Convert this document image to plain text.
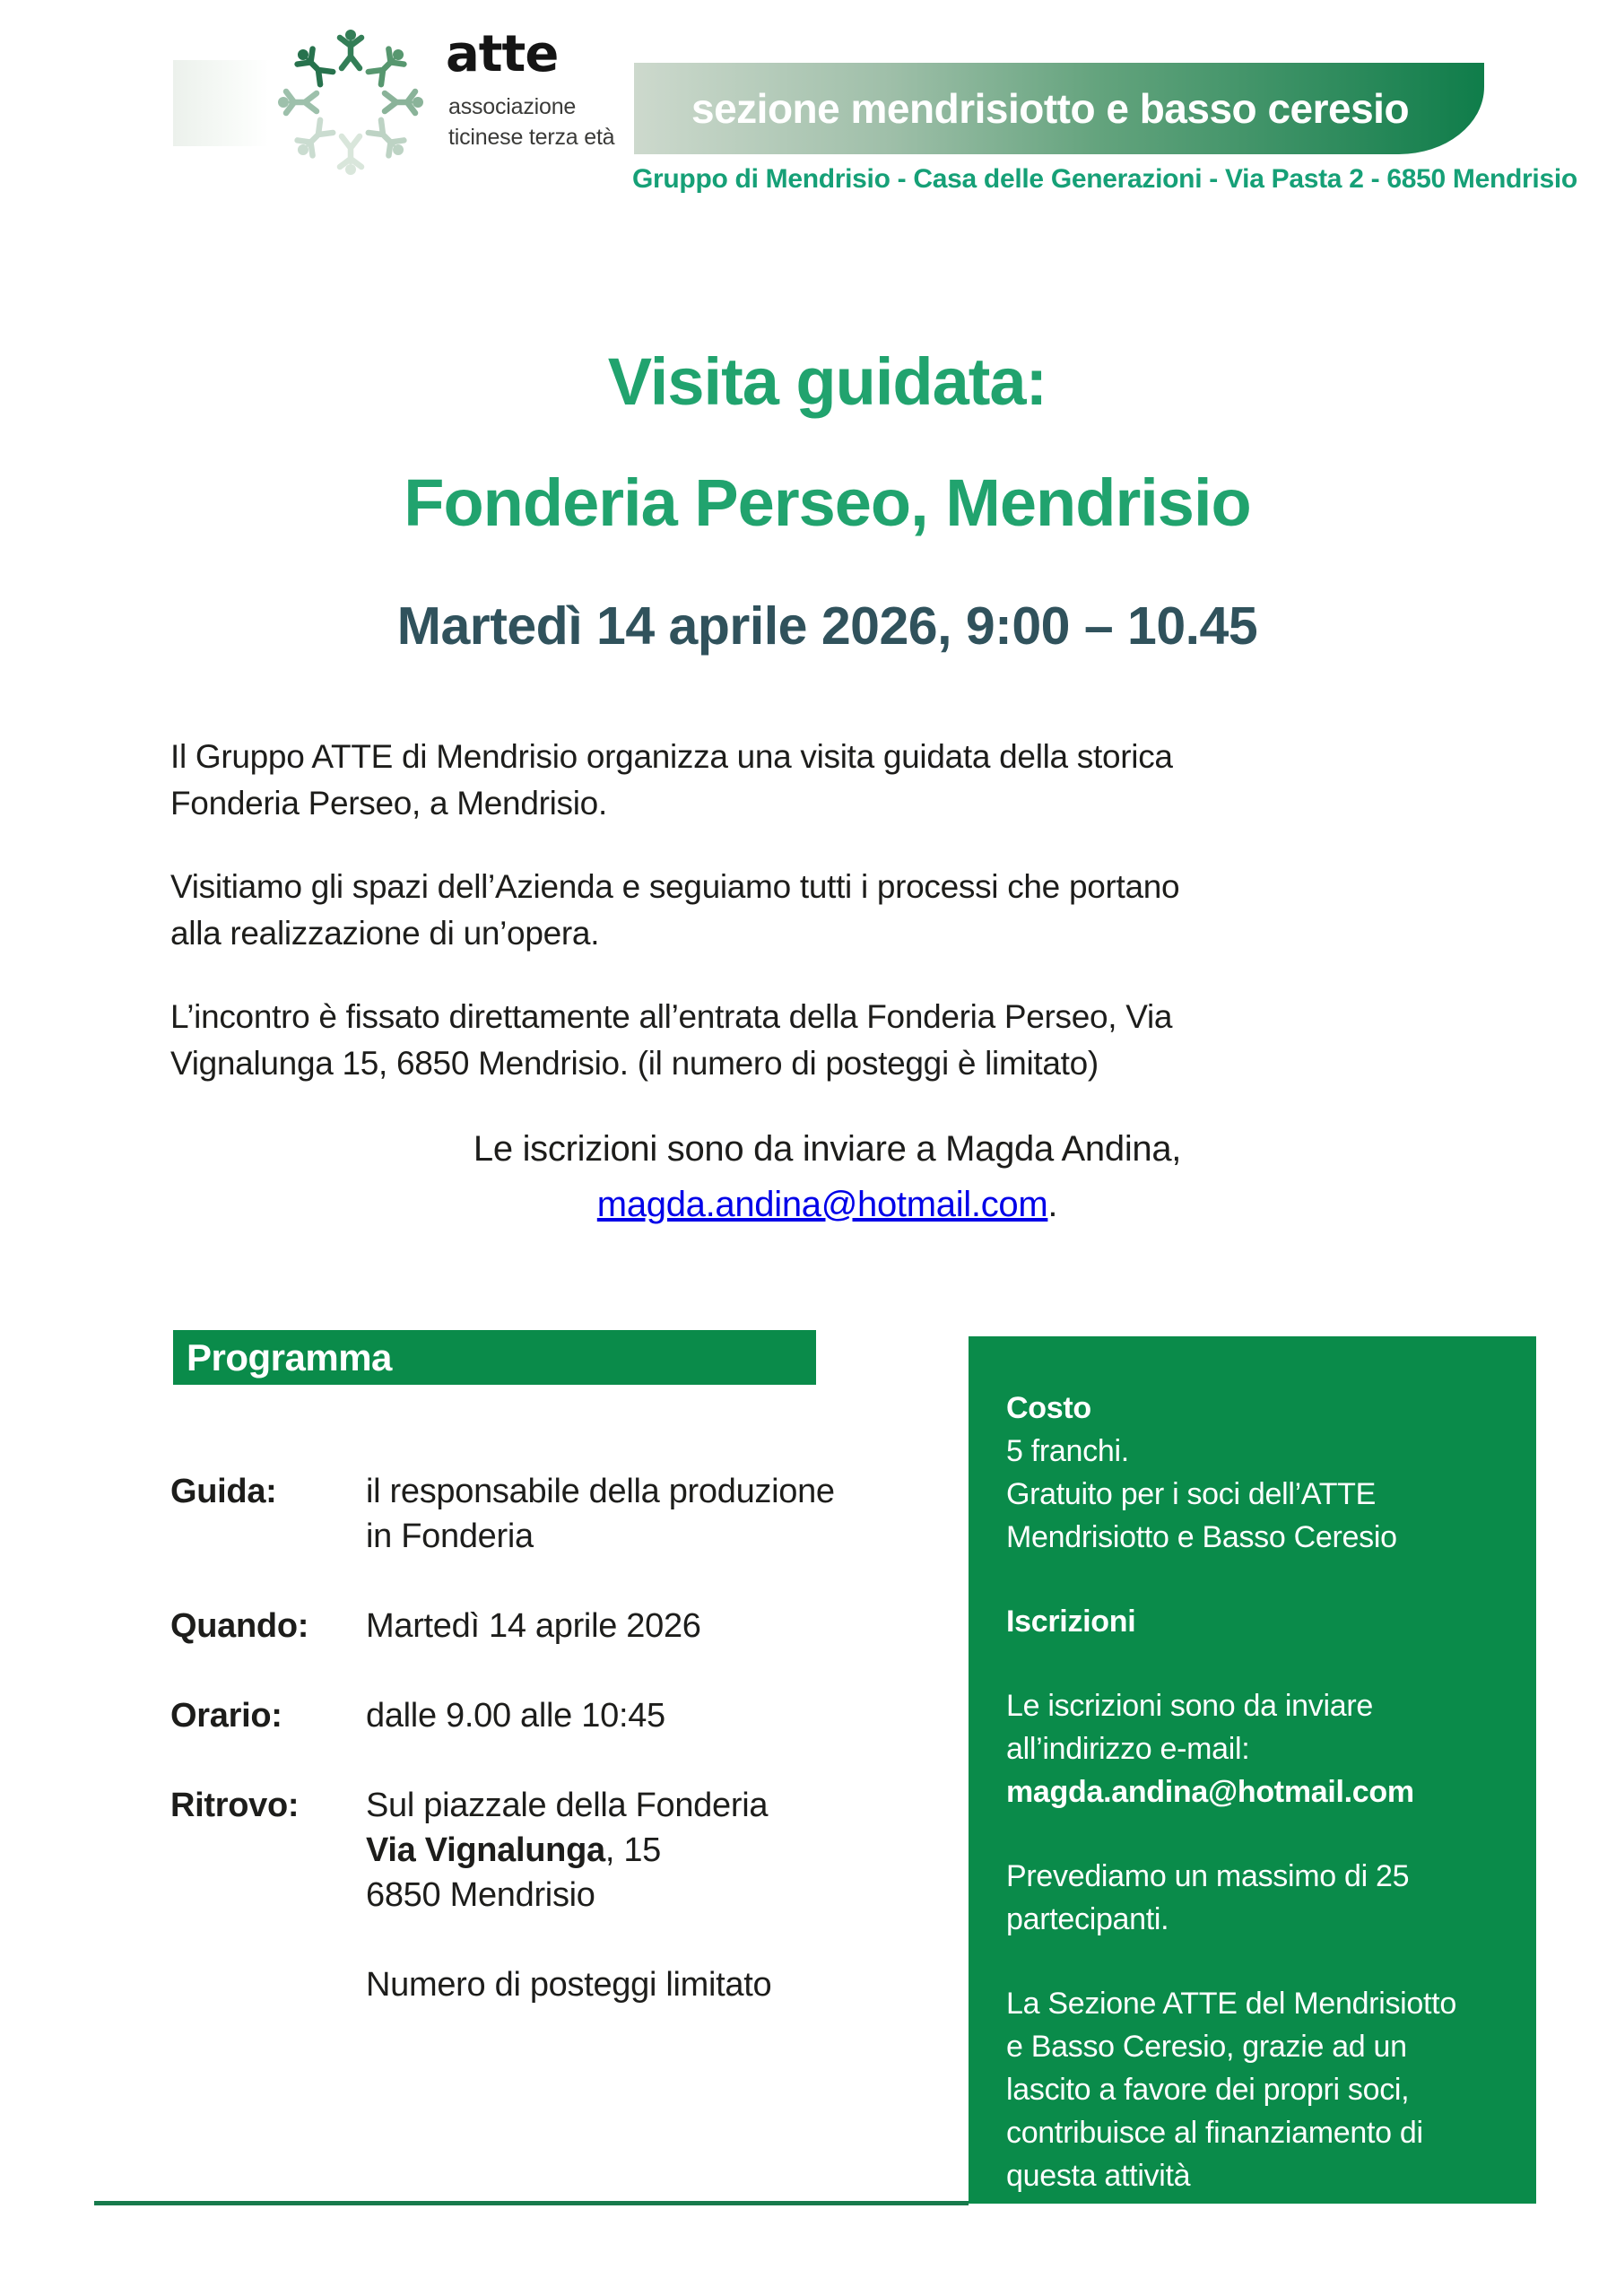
atte
associazione
ticinese terza età
sezione mendrisiotto e basso ceresio
Gruppo di Mendrisio - Casa delle Generazioni - Via Pasta 2 - 6850 Mendrisio
Visita guidata:
Fonderia Perseo, Mendrisio
Martedì 14 aprile 2026, 9:00 – 10.45
Il Gruppo ATTE di Mendrisio organizza una visita guidata della storica
Fonderia Perseo, a Mendrisio.
Visitiamo gli spazi dell’Azienda e seguiamo tutti i processi che portano
alla realizzazione di un’opera.
L’incontro è fissato direttamente all’entrata della Fonderia Perseo, Via
Vignalunga 15, 6850 Mendrisio. (il numero di posteggi è limitato)
Le iscrizioni sono da inviare a Magda Andina,
magda.andina@hotmail.com.
Programma
Guida:	il responsabile della produzione
in Fonderia
Quando:	Martedì 14 aprile 2026
Orario:	dalle 9.00 alle 10:45
Ritrovo:	Sul piazzale della Fonderia
Via Vignalunga, 15
6850 Mendrisio
Numero di posteggi limitato
Costo
5 franchi.
Gratuito per i soci dell’ATTE
Mendrisiotto e Basso Ceresio
Iscrizioni
Le iscrizioni sono da inviare
all’indirizzo e-mail:
magda.andina@hotmail.com
Prevediamo un massimo di 25
partecipanti.
La Sezione ATTE del Mendrisiotto
e Basso Ceresio, grazie ad un
lascito a favore dei propri soci,
contribuisce al finanziamento di
questa attività
